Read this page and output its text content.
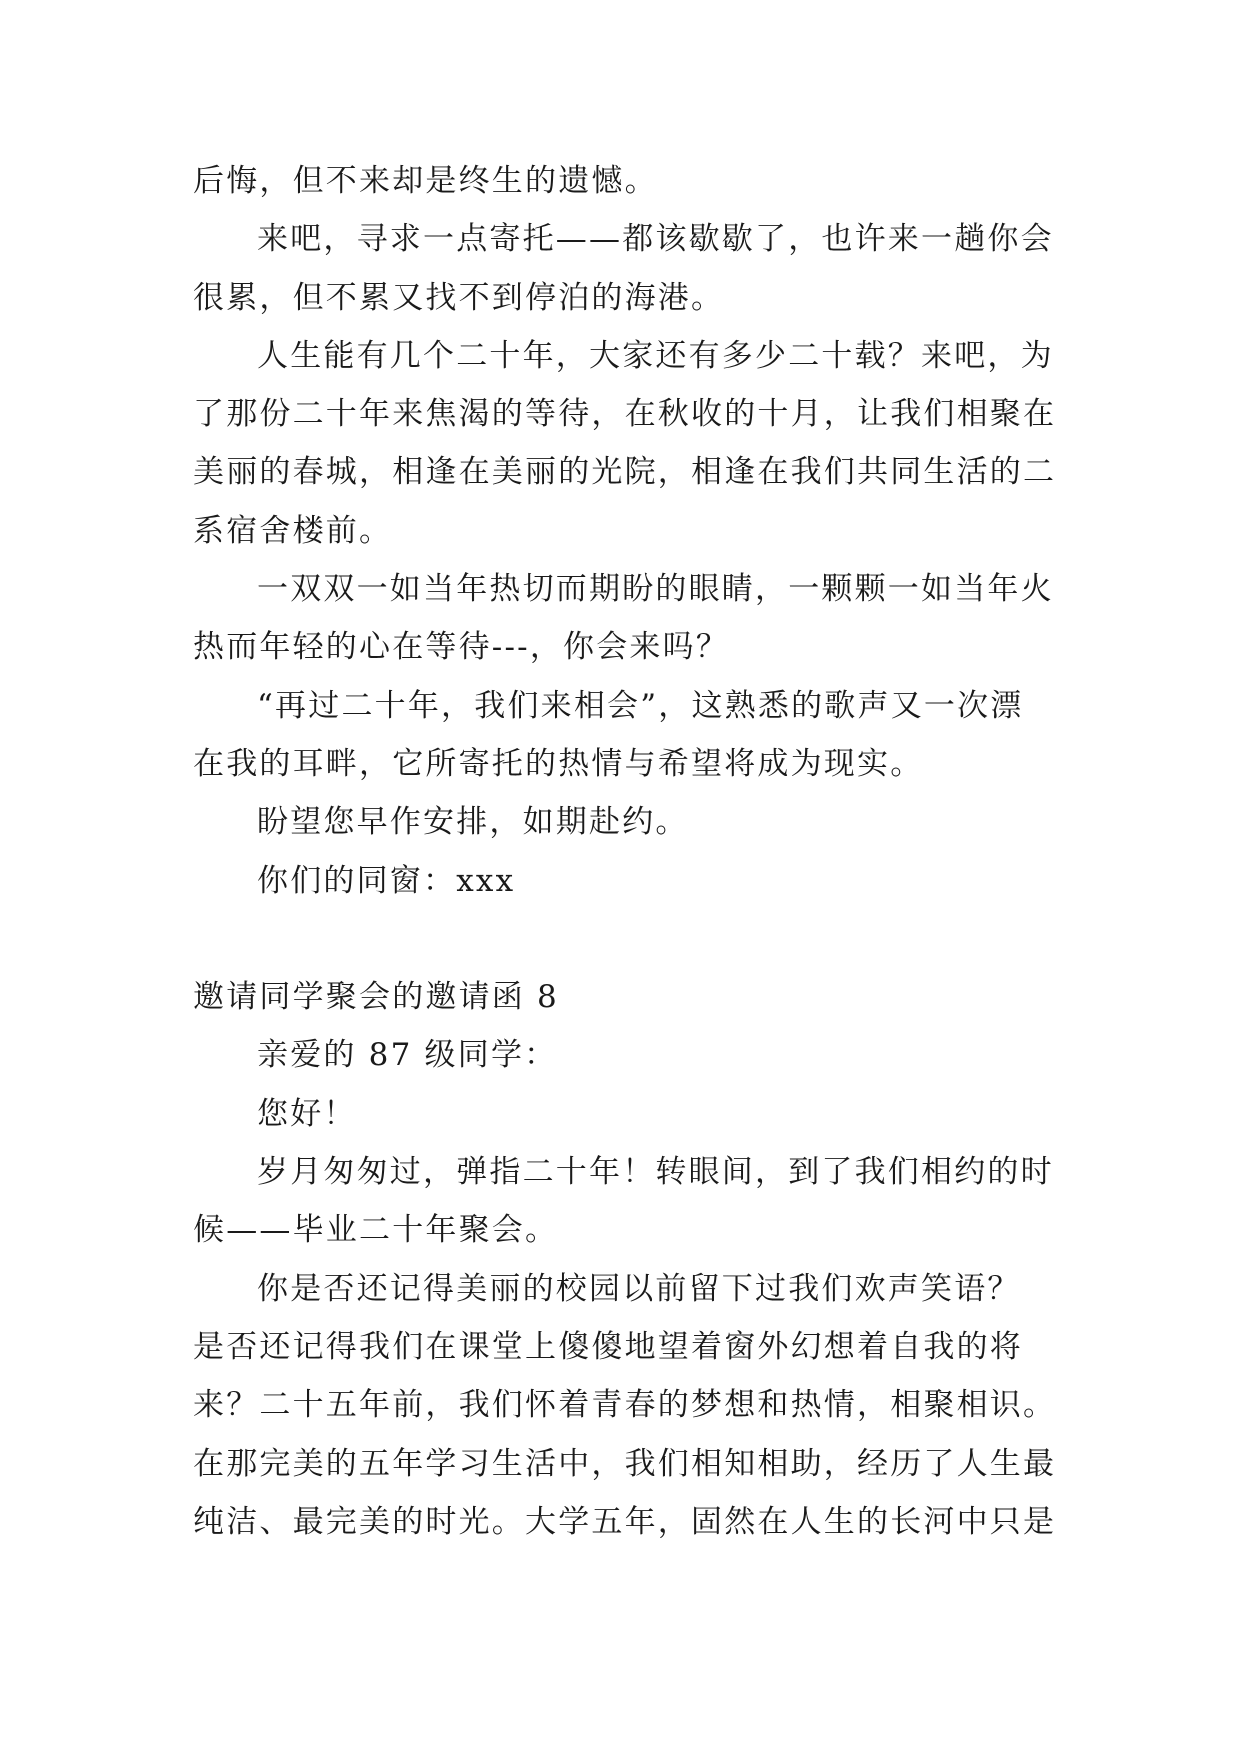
后悔，但不来却是终生的遗憾。
来吧，寻求一点寄托——都该歇歇了，也许来一趟你会
很累，但不累又找不到停泊的海港。
人生能有几个二十年，大家还有多少二十载？来吧，为
了那份二十年来焦渴的等待，在秋收的十月，让我们相聚在
美丽的春城，相逢在美丽的光院，相逢在我们共同生活的二
系宿舍楼前。
一双双一如当年热切而期盼的眼睛，一颗颗一如当年火
热而年轻的心在等待---，你会来吗？
“再过二十年，我们来相会”，这熟悉的歌声又一次漂
在我的耳畔，它所寄托的热情与希望将成为现实。
盼望您早作安排，如期赴约。
你们的同窗：xxx
邀请同学聚会的邀请函 8
亲爱的 87 级同学：
您好！
岁月匆匆过，弹指二十年！转眼间，到了我们相约的时
候——毕业二十年聚会。
你是否还记得美丽的校园以前留下过我们欢声笑语？
是否还记得我们在课堂上傻傻地望着窗外幻想着自我的将
来？二十五年前，我们怀着青春的梦想和热情，相聚相识。
在那完美的五年学习生活中，我们相知相助，经历了人生最
纯洁、最完美的时光。大学五年，固然在人生的长河中只是
